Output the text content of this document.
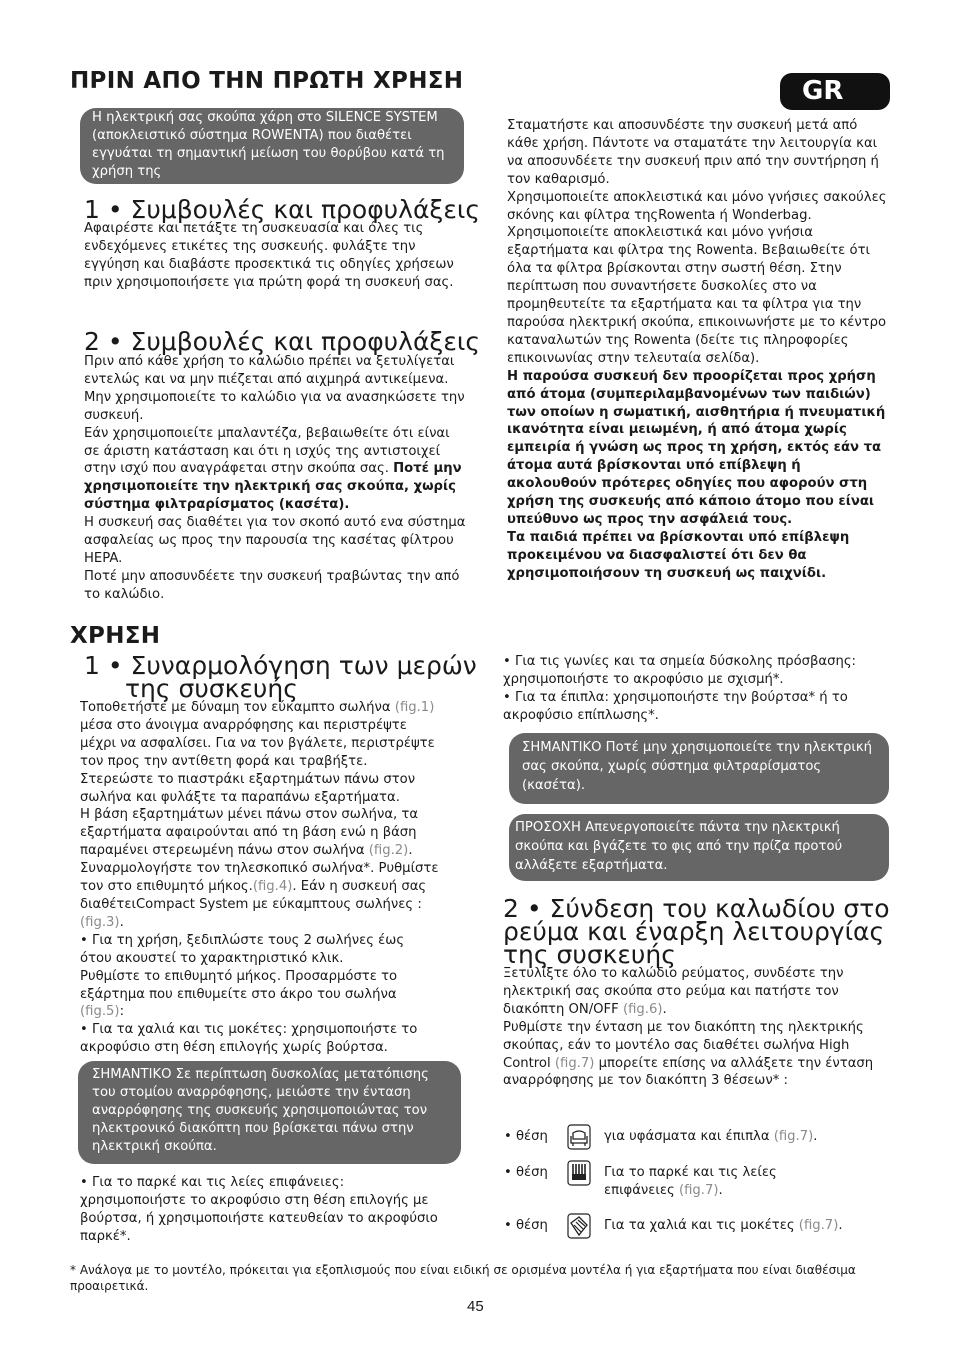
ΠΡΙΝ ΑΠΟ ΤΗΝ ΠΡΩΤΗ ΧΡΗΣΗ	GR

Η ηλεκτρική σας σκούπα χάρη στο SILENCE SYSTEM (αποκλειστικό σύστημα ROWENTA) που διαθέτει εγγυάται τη σημαντική μείωση του θορύβου κατά τη χρήση της

1 • Συμβουλές και προφυλάξεις

Αφαιρέστε και πετάξτε τη συσκευασία και όλες τις ενδεχόμενες ετικέτες της συσκευής. φυλάξτε την εγγύηση και διαβάστε προσεκτικά τις οδηγίες χρήσεων πριν χρησιμοποιήσετε για πρώτη φορά τη συσκευή σας.

2 • Συμβουλές και προφυλάξεις

Πριν από κάθε χρήση το καλώδιο πρέπει να ξετυλίγεται εντελώς και να μην πιέζεται από αιχμηρά αντικείμενα. Μην χρησιμοποιείτε το καλώδιο για να ανασηκώσετε την συσκευή.

Εάν χρησιμοποιείτε μπαλαντέζα, βεβαιωθείτε ότι είναι σε άριστη κατάσταση και ότι η ισχύς της αντιστοιχεί στην ισχύ που αναγράφεται στην σκούπα σας. Ποτέ μην χρησιμοποιείτε την ηλεκτρική σας σκούπα, χωρίς σύστημα φιλτραρίσματος (κασέτα).

Η συσκευή σας διαθέτει για τον σκοπό αυτό ενα σύστημα ασφαλείας ως προς την παρουσία της κασέτας φίλτρου HEPA.

Ποτέ μην αποσυνδέετε την συσκευή τραβώντας την από το καλώδιο.

Σταματήστε και αποσυνδέστε την συσκευή μετά από κάθε χρήση. Πάντοτε να σταματάτε την λειτουργία και να αποσυνδέετε την συσκευή πριν από την συντήρηση ή τον καθαρισμό.

Χρησιμοποιείτε αποκλειστικά και μόνο γνήσιες σακούλες σκόνης και φίλτρα τηςRowenta ή Wonderbag. Χρησιμοποιείτε αποκλειστικά και μόνο γνήσια εξαρτήματα και φίλτρα της Rowenta. Βεβαιωθείτε ότι όλα τα φίλτρα βρίσκονται στην σωστή θέση. Στην περίπτωση που συναντήσετε δυσκολίες στο να προμηθευτείτε τα εξαρτήματα και τα φίλτρα για την παρούσα ηλεκτρική σκούπα, επικοινωνήστε με το κέντρο καταναλωτών της Rowenta (δείτε τις πληροφορίες επικοινωνίας στην τελευταία σελίδα).

Η παρούσα συσκευή δεν προορίζεται προς χρήση από άτομα (συμπεριλαμβανομένων των παιδιών) των οποίων η σωματική, αισθητήρια ή πνευματική ικανότητα είναι μειωμένη, ή από άτομα χωρίς εμπειρία ή γνώση ως προς τη χρήση, εκτός εάν τα άτομα αυτά βρίσκονται υπό επίβλεψη ή ακολουθούν πρότερες οδηγίες που αφορούν στη χρήση της συσκευής από κάποιο άτομο που είναι υπεύθυνο ως προς την ασφάλειά τους.

Τα παιδιά πρέπει να βρίσκονται υπό επίβλεψη προκειμένου να διασφαλιστεί ότι δεν θα χρησιμοποιήσουν τη συσκευή ως παιχνίδι.

ΧΡΗΣΗ
1 • Συναρμολόγηση των μερών
της συσκευής

Τοποθετήστε με δύναμη τον εύκαμπτο σωλήνα (fig.1)

μέσα στο άνοιγμα αναρρόφησης και περιστρέψτε

μέχρι να ασφαλίσει. Για να τον βγάλετε, περιστρέψτε

τον προς την αντίθετη φορά και τραβήξτε.

Στερεώστε το πιαστράκι εξαρτημάτων πάνω στον

σωλήνα και φυλάξτε τα παραπάνω εξαρτήματα.

Η βάση εξαρτημάτων μένει πάνω στον σωλήνα, τα

εξαρτήματα αφαιρούνται από τη βάση ενώ η βάση

παραμένει στερεωμένη πάνω στον σωλήνα (fig.2).

Συναρμολογήστε τον τηλεσκοπικό σωλήνα*. Ρυθμίστε

τον στο επιθυμητό μήκος.(fig.4). Εάν η συσκευή σας

διαθέτειCompact System με εύκαμπτους σωλήνες :

(fig.3).

• Για τη χρήση, ξεδιπλώστε τους 2 σωλήνες έως

ότου ακουστεί το χαρακτηριστικό κλικ.

Ρυθμίστε το επιθυμητό μήκος. Προσαρμόστε το

εξάρτημα που επιθυμείτε στο άκρο του σωλήνα

(fig.5):

• Για τα χαλιά και τις μοκέτες: χρησιμοποιήστε το

ακροφύσιο στη θέση επιλογής χωρίς βούρτσα.

ΣΗΜΑΝΤΙΚΟ Σε περίπτωση δυσκολίας μετατόπισης του στομίου αναρρόφησης, μειώστε την ένταση αναρρόφησης της συσκευής χρησιμοποιώντας τον ηλεκτρονικό διακόπτη που βρίσκεται πάνω στην ηλεκτρική σκούπα.

• Για το παρκέ και τις λείες επιφάνειες: χρησιμοποιήστε το ακροφύσιο στη θέση επιλογής με βούρτσα, ή χρησιμοποιήστε κατευθείαν το ακροφύσιο παρκέ*.

• Για τις γωνίες και τα σημεία δύσκολης πρόσβασης: χρησιμοποιήστε το ακροφύσιο με σχισμή*.

• Για τα έπιπλα: χρησιμοποιήστε την βούρτσα* ή το ακροφύσιο επίπλωσης*.

ΣΗΜΑΝΤΙΚΟ Ποτέ μην χρησιμοποιείτε την ηλεκτρική σας σκούπα, χωρίς σύστημα φιλτραρίσματος (κασέτα).

ΠΡΟΣΟΧΗ Απενεργοποιείτε πάντα την ηλεκτρική σκούπα και βγάζετε το φις από την πρίζα προτού αλλάξετε εξαρτήματα.

2 • Σύνδεση του καλωδίου στο
ρεύμα και έναρξη λειτουργίας
της συσκευής

Ξετυλίξτε όλο το καλώδιο ρεύματος, συνδέστε την ηλεκτρική σας σκούπα στο ρεύμα και πατήστε τον διακόπτη ON/OFF (fig.6).

Ρυθμίστε την ένταση με τον διακόπτη της ηλεκτρικής σκούπας, εάν το μοντέλο σας διαθέτει σωλήνα High Control (fig.7) μπορείτε επίσης να αλλάξετε την ένταση αναρρόφησης με τον διακόπτη 3 θέσεων* :

• θέση	για υφάσματα και έπιπλα (fig.7).

• θέση	Για το παρκέ και τις λείες επιφάνειες (fig.7).

• θέση	Για τα χαλιά και τις μοκέτες (fig.7).

* Ανάλογα με το μοντέλο, πρόκειται για εξοπλισμούς που είναι ειδική σε ορισμένα μοντέλα ή για εξαρτήματα που είναι διαθέσιμα προαιρετικά.

45
